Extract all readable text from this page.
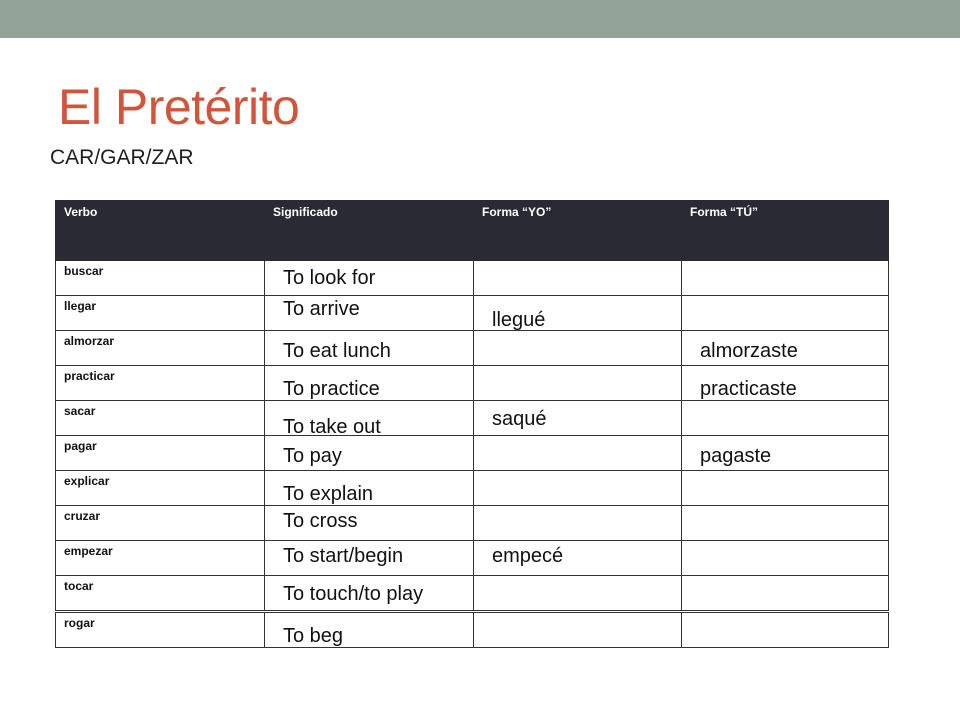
El Pretérito
CAR/GAR/ZAR
Verbo	Significado	Forma “YO”	Forma “TÚ”
buscar	To look for		

llegar	To arrive	llegué	

almorzar	To eat lunch		almorzaste

practicar	To practice		practicaste

sacar	To take out	saqué	

pagar	To pay		pagaste

explicar	To explain		

cruzar	To cross		

empezar	To start/begin	empecé	

tocar	To touch/to play		

rogar	To beg		
